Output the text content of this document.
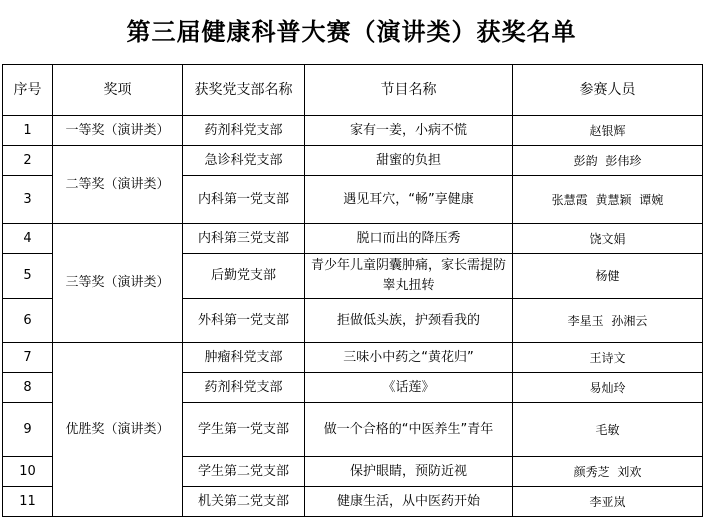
第三届健康科普大赛（演讲类）获奖名单
序号	奖项	获奖党支部名称	节目名称	参赛人员
1	一等奖（演讲类）	药剂科党支部	家有一姜，小病不慌	赵银辉
2	二等奖（演讲类）	急诊科党支部	甜蜜的负担	彭韵 彭伟珍
3		内科第一党支部	遇见耳穴，“畅”享健康	张慧霞 黄慧颖 谭婉
4	三等奖（演讲类）	内科第三党支部	脱口而出的降压秀	饶文娟
5		后勤党支部	青少年儿童阴囊肿痛，家长需提防睾丸扭转	杨健
6		外科第一党支部	拒做低头族，护颈看我的	李星玉 孙湘云
7	优胜奖（演讲类）	肿瘤科党支部	三味小中药之“黄花归”	王诗文
8		药剂科党支部	《话莲》	易灿玲
9		学生第一党支部	做一个合格的“中医养生”青年	毛敏
10		学生第二党支部	保护眼睛，预防近视	颜秀芝 刘欢
11		机关第二党支部	健康生活，从中医药开始	李亚岚
